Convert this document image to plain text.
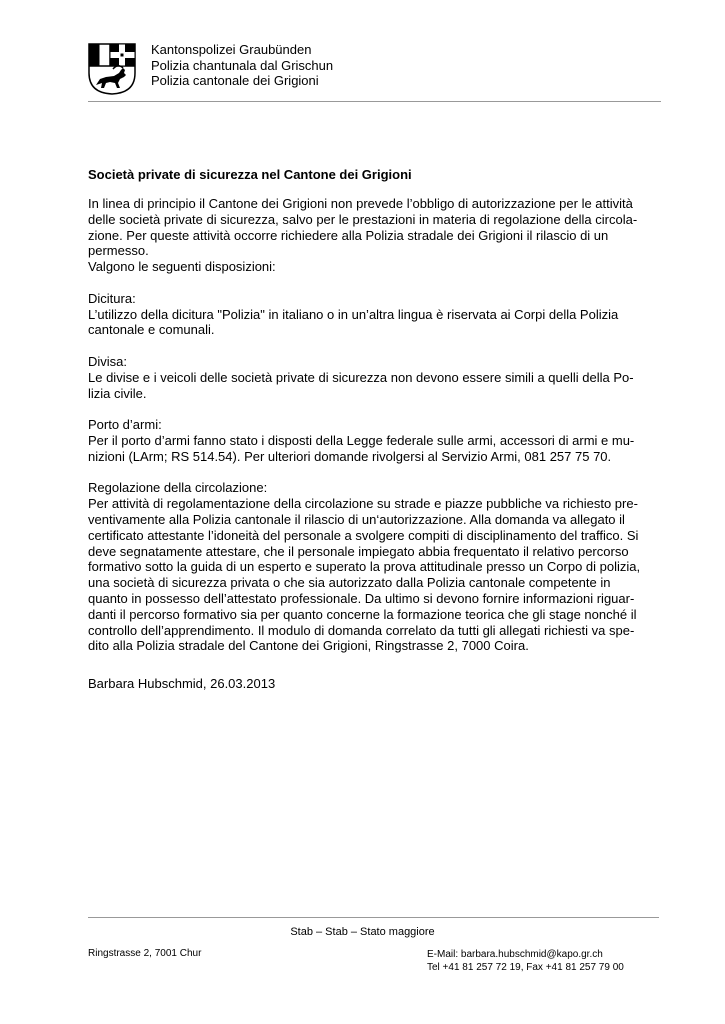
Kantonspolizei Graubünden
Polizia chantunala dal Grischun
Polizia cantonale dei Grigioni
Società private di sicurezza nel Cantone dei Grigioni

In linea di principio il Cantone dei Grigioni non prevede l’obbligo di autorizzazione per le attività

delle società private di sicurezza, salvo per le prestazioni in materia di regolazione della circola-

zione. Per queste attività occorre richiedere alla Polizia stradale dei Grigioni il rilascio di un

permesso.

Valgono le seguenti disposizioni:

Dicitura:

L’utilizzo della dicitura "Polizia" in italiano o in un’altra lingua è riservata ai Corpi della Polizia

cantonale e comunali.

Divisa:

Le divise e i veicoli delle società private di sicurezza non devono essere simili a quelli della Po-

lizia civile.

Porto d’armi:

Per il porto d’armi fanno stato i disposti della Legge federale sulle armi, accessori di armi e mu-

nizioni (LArm; RS 514.54). Per ulteriori domande rivolgersi al Servizio Armi, 081 257 75 70.

Regolazione della circolazione:

Per attività di regolamentazione della circolazione su strade e piazze pubbliche va richiesto pre-

ventivamente alla Polizia cantonale il rilascio di un‘autorizzazione. Alla domanda va allegato il

certificato attestante l’idoneità del personale a svolgere compiti di disciplinamento del traffico. Si

deve segnatamente attestare, che il personale impiegato abbia frequentato il relativo percorso

formativo sotto la guida di un esperto e superato la prova attitudinale presso un Corpo di polizia,

una società di sicurezza privata o che sia autorizzato dalla Polizia cantonale competente in

quanto in possesso dell’attestato professionale. Da ultimo si devono fornire informazioni riguar-

danti il percorso formativo sia per quanto concerne la formazione teorica che gli stage nonché il

controllo dell’apprendimento. Il modulo di domanda correlato da tutti gli allegati richiesti va spe-

dito alla Polizia stradale del Cantone dei Grigioni, Ringstrasse 2, 7000 Coira.

Barbara Hubschmid, 26.03.2013
Stab – Stab – Stato maggiore
Ringstrasse 2, 7001 Chur	E-Mail: barbara.hubschmid@kapo.gr.ch
Tel +41 81 257 72 19, Fax +41 81 257 79 00
